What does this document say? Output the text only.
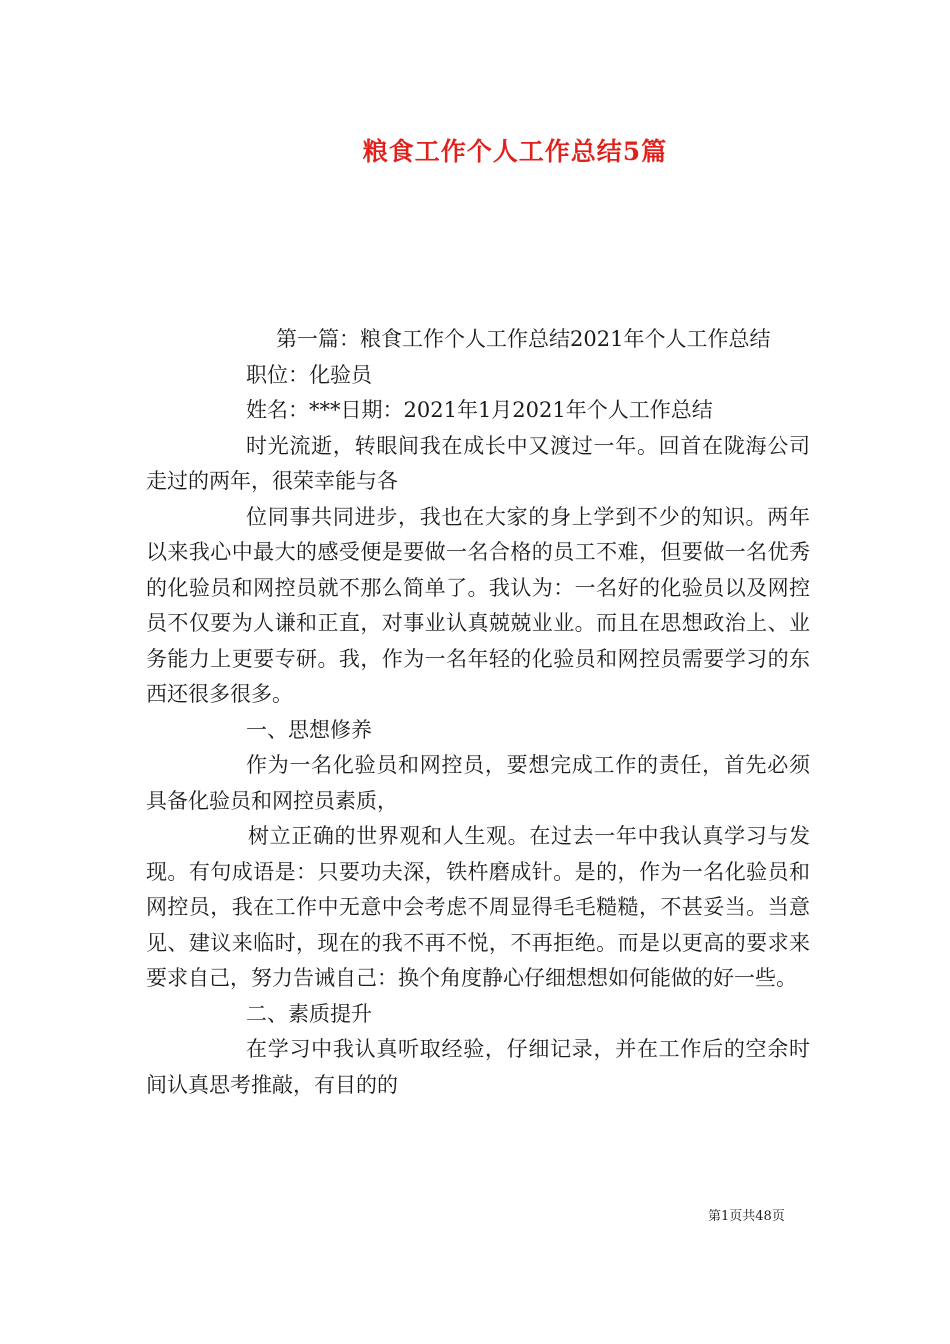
粮食工作个人工作总结5篇

第一篇：粮食工作个人工作总结2021年个人工作总结

职位：化验员

姓名：***日期：2021年1月2021年个人工作总结

时光流逝，转眼间我在成长中又渡过一年。回首在陇海公司走过的两年，很荣幸能与各

位同事共同进步，我也在大家的身上学到不少的知识。两年以来我心中最大的感受便是要做一名合格的员工不难，但要做一名优秀的化验员和网控员就不那么简单了。我认为：一名好的化验员以及网控员不仅要为人谦和正直，对事业认真兢兢业业。而且在思想政治上、业务能力上更要专研。我，作为一名年轻的化验员和网控员需要学习的东西还很多很多。

一、思想修养

作为一名化验员和网控员，要想完成工作的责任，首先必须具备化验员和网控员素质，

树立正确的世界观和人生观。在过去一年中我认真学习与发现。有句成语是：只要功夫深，铁杵磨成针。是的，作为一名化验员和网控员，我在工作中无意中会考虑不周显得毛毛糙糙，不甚妥当。当意见、建议来临时，现在的我不再不悦，不再拒绝。而是以更高的要求来要求自己，努力告诫自己：换个角度静心仔细想想如何能做的好一些。

二、素质提升

在学习中我认真听取经验，仔细记录，并在工作后的空余时间认真思考推敲，有目的的

第1页共48页
